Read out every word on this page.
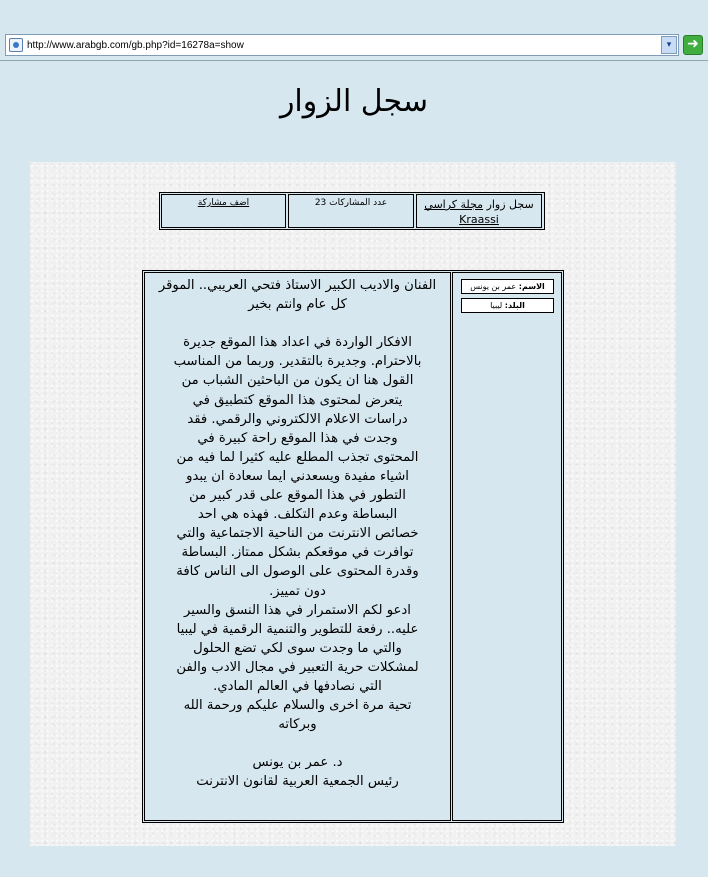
http://www.arabgb.com/gb.php?id=16278a=show	▾ ➜
سجل الزوار
اضف مشاركة	عدد المشاركات 23	سجل زوار مجلة كراسي Kraassi
الفنان والاديب الكبير الاستاذ فتحي العريبي.. الموقر
كل عام وانتم بخير

الافكار الواردة في اعداد هذا الموقع جديرة
بالاحترام. وجديرة بالتقدير. وربما من المناسب
القول هنا ان يكون من الباحثين الشباب من
يتعرض لمحتوى هذا الموقع كتطبيق في
دراسات الاعلام الالكتروني والرقمي. فقد
وجدت في هذا الموقع راحة كبيرة في
المحتوى تجذب المطلع عليه كثيرا لما فيه من
اشياء مفيدة ويسعدني ايما سعادة ان يبدو
التطور في هذا الموقع على قدر كبير من
البساطة وعدم التكلف. فهذه هي احد
خصائص الانترنت من الناحية الاجتماعية والتي
توافرت في موقعكم بشكل ممتاز. البساطة
وقدرة المحتوى على الوصول الى الناس كافة
دون تمييز.
ادعو لكم الاستمرار في هذا النسق والسير
عليه.. رفعة للتطوير والتنمية الرقمية في ليبيا
والتي ما وجدت سوى لكي تضع الحلول
لمشكلات حرية التعبير في مجال الادب والفن
التي نصادفها في العالم المادي.
تحية مرة اخرى والسلام عليكم ورحمة الله
وبركاته

د. عمر بن يونس
رئيس الجمعية العربية لقانون الانترنت
الاسم: عمر بن يونس
البلد: ليبيا
